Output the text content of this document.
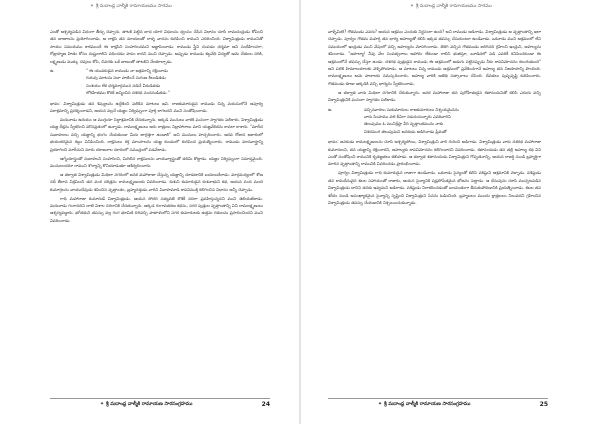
✦ శ్రీ మదాంధ్ర వాల్మీకి రామాయణము సారము

ఎంతో ఆశ్చర్యపడిన విధంగా తీర్పు చెప్పారు. తాటకి పెట్టిన బాధ యాగ విధులను ధ్వంసం చేసిన విధానం చూసి రామచంద్రుడు కోపించి తన బాణాలను ప్రయోగించాడు. ఆ రాక్షసి తన మాయలతో రాళ్ళ వానను కురిపించి రాముని ఎదిరించింది. విశ్వామిత్రుడు రామునితో సాయం సమయము కాకముందే ఈ రాక్షసిని సంహరించమని ఆజ్ఞాపించాడు. రాముడు స్త్రీని చంపడం ధర్మమా అని సందేహించగా, గోబ్రాహ్మణ హితం కోసం దుష్టురాలిని వధించడం పాపం కాదని ముని చెప్పాడు. అప్పుడు రాముడు శబ్దవేధి విద్యతో ఆమె చేతులు నరికి, లక్ష్మణుడు ముక్కు చెవులు కోసి, చివరకు ఒకే బాణంతో తాటకిని నేలకూల్చాడు.

ఉ.	" ఈ యువకుడైన రాముడు నా ఆశ్రమాన్ని రక్షించాడు
గురువు మాటను సదా పాటించే సుగుణ శీలుడితడు
సంశయం లేక ధర్మమార్గమున నడిచే వీరుడితడు
లోకహితము కొరకే జన్మించిన దశరథ నందనుడితడు "

భావం: విశ్వామిత్రుడు తన శిష్యులను ఉద్దేశించి పలికిన మాటలు ఇవి. రాజకుమారుడైన రాముడు చిన్న వయసులోనే అపూర్వ పరాక్రమాన్ని ప్రదర్శించాడని, ఆయన వల్లనే యజ్ఞం నిర్విఘ్నంగా పూర్తి కాగలదని ముని సంతోషించాడు.

మరునాడు ఉదయం ఆ ముగ్గురూ సిద్ధాశ్రమానికి చేరుకున్నారు. అక్కడి మునులు వారికి ఘనంగా స్వాగతం పలికారు. విశ్వామిత్రుడు యజ్ఞ దీక్షను స్వీకరించి మౌనవ్రతంలో ఉన్నాడు. రామలక్ష్మణులు ఆరు రాత్రులు నిద్రాహారాలు మాని యజ్ఞవేదికను కాపలా కాశారు. "మారీచ సుబాహులు వచ్చి యజ్ఞాన్ని భంగం చేయకుండా మీరు జాగ్రత్తగా ఉండాలి" అని మునులు హెచ్చరించారు. ఆరవ రోజున ఆకాశంలో భయంకరమైన శబ్దం వినిపించింది. రాక్షసులు రక్త మాంసాలను యజ్ఞ కుండంలో కురిపించ ప్రయత్నించారు. రాముడు మానవాస్త్రాన్ని ప్రయోగించి మారీచుని నూరు యోజనాల దూరంలో సముద్రంలో పడవేశాడు.

ఆగ్నేయాస్త్రంతో సుబాహుని సంహరించి, మిగిలిన రాక్షసులను వాయవ్యాస్త్రంతో తరిమి కొట్టాడు. యజ్ఞం నిర్విఘ్నంగా సమాప్తమైంది. మునులందరూ రాముని శౌర్యాన్ని కొనియాడుతూ ఆశీర్వదించారు.

ఆ తర్వాత విశ్వామిత్రుడు మిథిలా నగరంలో జనక మహారాజు చేస్తున్న యజ్ఞాన్ని చూడటానికి బయలుదేరాడు. మార్గమధ్యంలో శోణ నదీ తీరాన విశ్రమించి తన వంశ చరిత్రను రామలక్ష్మణులకు వివరించాడు. కుశుని కుమారుడైన కుశనాభుని కథ, ఆయన వంద మంది కుమార్తెలను వాయుదేవుడు శపించిన వృత్తాంతం, బ్రహ్మదత్తుడు వారిని వివాహమాడి శాపవిముక్తి కలిగించిన విధానం అన్నీ చెప్పాడు.

గాధి మహారాజు కుమారుడే విశ్వామిత్రుడు. ఆయన సోదరి సత్యవతి కౌశికీ నదిగా ప్రవహిస్తున్నదని ముని తెలియజేశాడు. మరునాడు గంగానదిని దాటి విశాల నగరానికి చేరుకున్నారు. అక్కడ గంగావతరణ కథను, సగర పుత్రుల వృత్తాంతాన్ని విని రామలక్ష్మణులు ఆశ్చర్యపడ్డారు. భగీరథుని తపస్సు వల్ల గంగ భూమికి దిగివచ్చి పాతాళంలోని సగర కుమారులకు ఉత్తమ గతులను ప్రసాదించిందని ముని వివరించాడు.

✦ శ్రీ మదాంధ్ర వాల్మీకి రామాయణ సారసంగ్రహము	24
✦ శ్రీ మదాంధ్ర వాల్మీకి రామాయణము సారము

వాళ్ళేమిటి? గౌతముడు ఎవరు? ఆయన ఆశ్రమం ఎందుకు నిర్జనంగా ఉంది? అని రాముడు అడిగాడు. విశ్వామిత్రుడు ఆ వృత్తాంతాన్ని ఇలా చెప్పాడు. పూర్వం గౌతమ మహర్షి తన భార్య అహల్యతో కలిసి ఇక్కడ తపస్సు చేసుకుంటూ ఉండేవాడు. ఒకనాడు ముని ఆశ్రమంలో లేని సమయంలో ఇంద్రుడు ముని వేషంలో వచ్చి అహల్యను మోసగించాడు. తిరిగి వచ్చిన గౌతముడు జరిగినది గ్రహించి ఇంద్రుని, అహల్యను శపించాడు. "అహల్యా! నీవు వేల సంవత్సరాలు ఆహారం లేకుండా గాలిని భుజిస్తూ, బూడిదలో పడి ఎవరికీ కనిపించకుండా ఈ ఆశ్రమంలోనే తపస్సు చేస్తూ ఉండు. దశరథ పుత్రుడైన రాముడు ఈ ఆశ్రమంలో అడుగు పెట్టినప్పుడు నీకు శాపవిమోచనం కలుగుతుంది" అని పలికి హిమాలయాలకు వెళ్ళిపోయాడు. ఆ మాటలు విన్న రాముడు ఆశ్రమంలో ప్రవేశించగానే అహల్య తన నిజరూపాన్ని పొందింది. రామలక్ష్మణులు ఆమె పాదాలకు నమస్కరించారు. అహల్య వారికి అతిథి సత్కారాలు చేసింది. దేవతలు పుష్పవృష్టి కురిపించారు. గౌతముడు కూడా అక్కడికి వచ్చి భార్యను స్వీకరించాడు.

ఆ తర్వాత వారు మిథిలా నగరానికి చేరుకున్నారు. జనక మహారాజు తన పురోహితుడైన శతానందునితో కలిసి ఎదురు వచ్చి విశ్వామిత్రునికి ఘనంగా స్వాగతం పలికాడు.

ఉ.	వచ్చినవారలు సుకుమారులు రాజకుమారులు నిశ్చయమైనను
వారు సింహము వలె ఠీవిగా నడచుచున్నారు ఎవరివారిని
తెలుపుము ఓ మునిశ్రేష్ఠా వీరి వృత్తాంతమును నాకు
విశదముగ తెలుపుమని జనకుడు అడిగినాడు ప్రేమతో

భావం: జనకుడు రామలక్ష్మణులను చూసి ఆశ్చర్యపోయి, విశ్వామిత్రుని వారి గురించి అడిగాడు. విశ్వామిత్రుడు వారు దశరథ మహారాజు కుమారులని, తన యజ్ఞాన్ని రక్షించారని, అహల్యకు శాపవిమోచనం కలిగించారని వివరించాడు. శతానందుడు తన తల్లి అహల్య కథ విని ఎంతో సంతోషించి రామునికి కృతజ్ఞతలు తెలిపాడు. ఆ తర్వాత శతానందుడు విశ్వామిత్రుని గొప్పతనాన్ని, ఆయన రాజర్షి నుండి బ్రహ్మర్షిగా మారిన వృత్తాంతాన్ని రామునికి వివరించడం ప్రారంభించాడు.

పూర్వం విశ్వామిత్రుడు గాధి కుమారుడైన రాజుగా ఉండేవాడు. ఒకనాడు సైన్యంతో కలిసి వశిష్ఠుని ఆశ్రమానికి వెళ్ళాడు. వశిష్ఠుడు తన కామధేనువైన శబల సహాయంతో రాజుకు, ఆయన సైన్యానికి షడ్రసోపేతమైన భోజనం పెట్టాడు. ఆ ధేనువును చూసి ముచ్చటపడిన విశ్వామిత్రుడు దానిని తనకు ఇవ్వమని అడిగాడు. వశిష్ఠుడు నిరాకరించడంతో బలవంతంగా తీసుకుపోవడానికి ప్రయత్నించాడు. శబల తన శరీరం నుండి అసంఖ్యాకమైన సైన్యాన్ని సృష్టించి విశ్వామిత్రుని సేనను ఓడించింది. బ్రహ్మబలం ముందు క్షాత్రబలం నిలువదని గ్రహించిన విశ్వామిత్రుడు తపస్సు చేయడానికి నిశ్చయించుకున్నాడు.

✦ శ్రీ మదాంధ్ర వాల్మీకి రామాయణ సారసంగ్రహము	25
